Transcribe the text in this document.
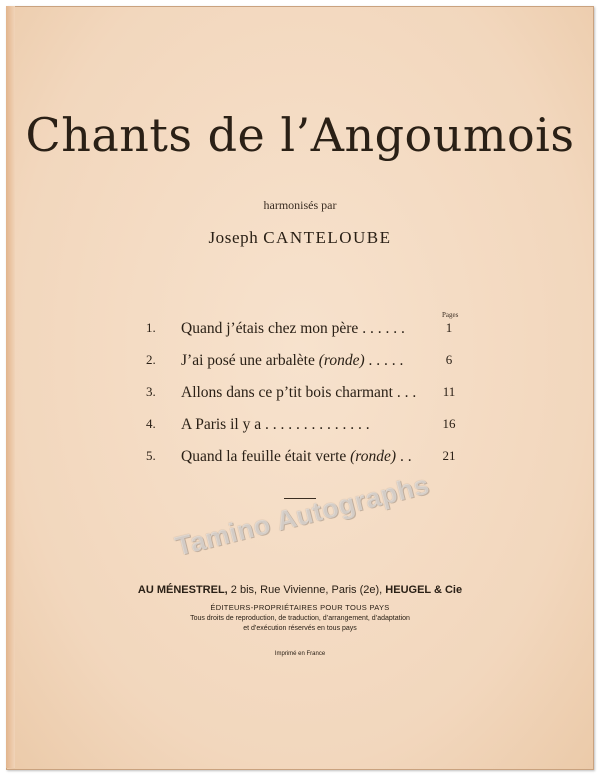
Chants de l’Angoumois
harmonisés par
Joseph CANTELOUBE
Pages
1.	Quand j’étais chez mon père . . . . . .	1
2.	J’ai posé une arbalète (ronde) . . . . .	6
3.	Allons dans ce p’tit bois charmant . . .	11
4.	A Paris il y a . . . . . . . . . . . . . .	16
5.	Quand la feuille était verte (ronde) . .	21
Tamino Autographs
AU MÉNESTREL, 2 bis, Rue Vivienne, Paris (2e), HEUGEL & Cie
ÉDITEURS-PROPRIÉTAIRES POUR TOUS PAYS
Tous droits de reproduction, de traduction, d’arrangement, d’adaptation
et d’exécution réservés en tous pays
Imprimé en France
